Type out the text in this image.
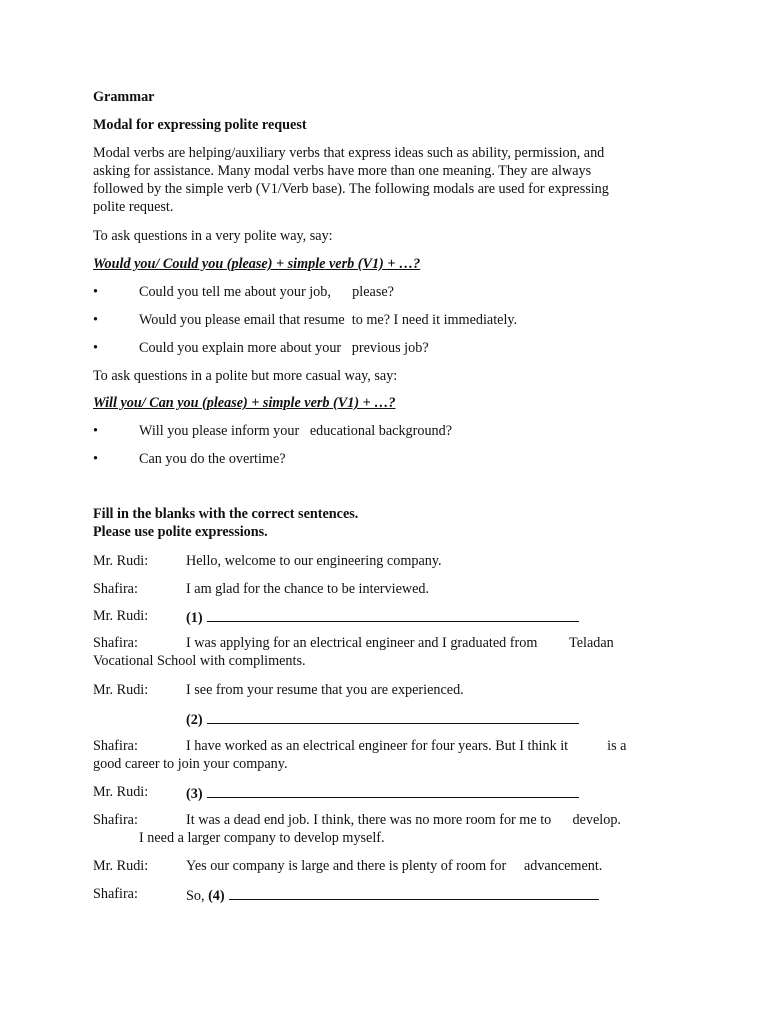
Grammar
Modal for expressing polite request
Modal verbs are helping/auxiliary verbs that express ideas such as ability, permission, and
asking for assistance. Many modal verbs have more than one meaning. They are always
followed by the simple verb (V1/Verb base). The following modals are used for expressing
polite request.
To ask questions in a very polite way, say:
Would you/ Could you (please) + simple verb (V1) + …?
•	Could you tell me about your job,      please?
•	Would you please email that resume  to me? I need it immediately.
•	Could you explain more about your   previous job?
To ask questions in a polite but more casual way, say:
Will you/ Can you (please) + simple verb (V1) + …?
•	Will you please inform your   educational background?
•	Can you do the overtime?
Fill in the blanks with the correct sentences.
Please use polite expressions.
Mr. Rudi:	Hello, welcome to our engineering company.
Shafira:	I am glad for the chance to be interviewed.
Mr. Rudi:	(1)
Shafira:	I was applying for an electrical engineer and I graduated from         Teladan
Vocational School with compliments.
Mr. Rudi:	I see from your resume that you are experienced.
(2)
Shafira:	I have worked as an electrical engineer for four years. But I think it           is a
good career to join your company.
Mr. Rudi:	(3)
Shafira:	It was a dead end job. I think, there was no more room for me to      develop.
I need a larger company to develop myself.
Mr. Rudi:	Yes our company is large and there is plenty of room for     advancement.
Shafira:	So, (4)
